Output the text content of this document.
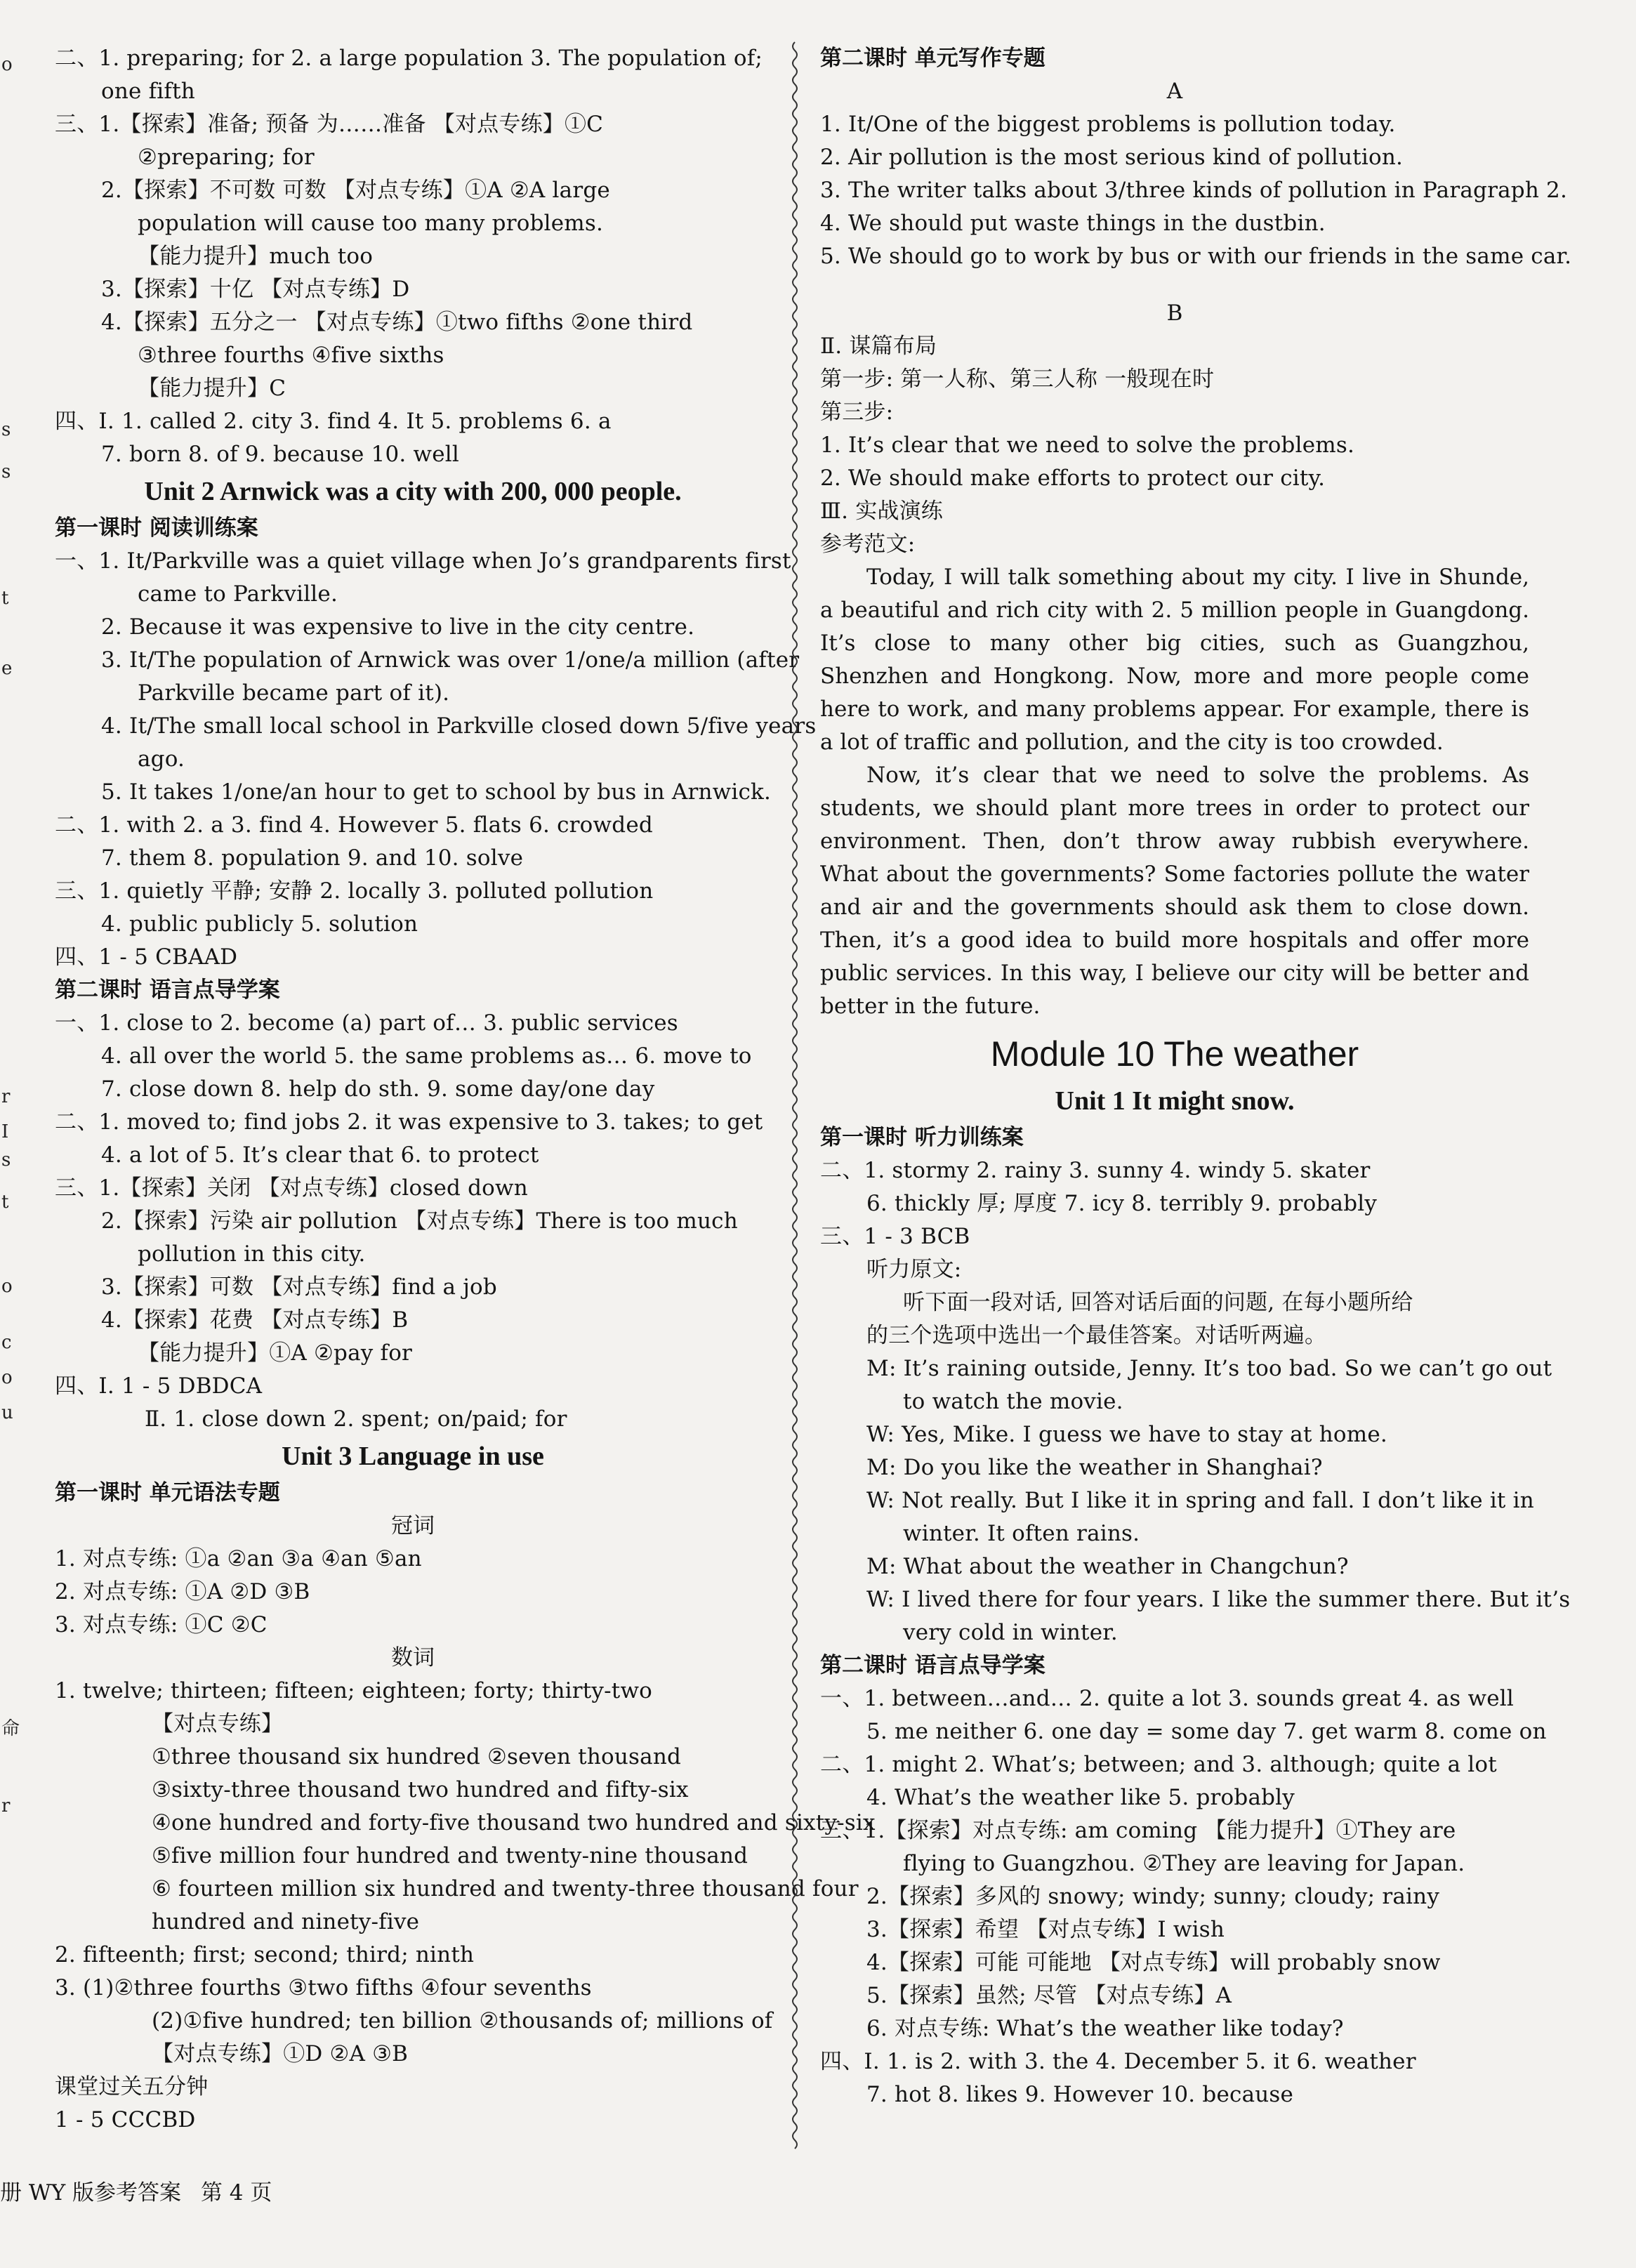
o
s
s
t
e
r
I
s
t
o
c
o
u
命
r
二、1. preparing; for 2. a large population 3. The population of;
one fifth
三、1.【探索】准备; 预备 为……准备 【对点专练】①C
②preparing; for
2.【探索】不可数 可数 【对点专练】①A ②A large
population will cause too many problems.
【能力提升】much too
3.【探索】十亿 【对点专练】D
4.【探索】五分之一 【对点专练】①two fifths ②one third
③three fourths ④five sixths
【能力提升】C
四、Ⅰ. 1. called 2. city 3. find 4. It 5. problems 6. a
7. born 8. of 9. because 10. well
Unit 2 Arnwick was a city with 200, 000 people.
第一课时 阅读训练案
一、1. It/Parkville was a quiet village when Jo’s grandparents first
came to Parkville.
2. Because it was expensive to live in the city centre.
3. It/The population of Arnwick was over 1/one/a million (after
Parkville became part of it).
4. It/The small local school in Parkville closed down 5/five years
ago.
5. It takes 1/one/an hour to get to school by bus in Arnwick.
二、1. with 2. a 3. find 4. However 5. flats 6. crowded
7. them 8. population 9. and 10. solve
三、1. quietly 平静; 安静 2. locally 3. polluted pollution
4. public publicly 5. solution
四、1 - 5 CBAAD
第二课时 语言点导学案
一、1. close to 2. become (a) part of… 3. public services
4. all over the world 5. the same problems as… 6. move to
7. close down 8. help do sth. 9. some day/one day
二、1. moved to; find jobs 2. it was expensive to 3. takes; to get
4. a lot of 5. It’s clear that 6. to protect
三、1.【探索】关闭 【对点专练】closed down
2.【探索】污染 air pollution 【对点专练】There is too much
pollution in this city.
3.【探索】可数 【对点专练】find a job
4.【探索】花费 【对点专练】B
【能力提升】①A ②pay for
四、Ⅰ. 1 - 5 DBDCA
Ⅱ. 1. close down 2. spent; on/paid; for
Unit 3 Language in use
第一课时 单元语法专题
冠词
1. 对点专练: ①a ②an ③a ④an ⑤an
2. 对点专练: ①A ②D ③B
3. 对点专练: ①C ②C
数词
1. twelve; thirteen; fifteen; eighteen; forty; thirty-two
【对点专练】
①three thousand six hundred ②seven thousand
③sixty-three thousand two hundred and fifty-six
④one hundred and forty-five thousand two hundred and sixty-six
⑤five million four hundred and twenty-nine thousand
⑥ fourteen million six hundred and twenty-three thousand four
hundred and ninety-five
2. fifteenth; first; second; third; ninth
3. (1)②three fourths ③two fifths ④four sevenths
(2)①five hundred; ten billion ②thousands of; millions of
【对点专练】①D ②A ③B
课堂过关五分钟
1 - 5 CCCBD
第二课时 单元写作专题
A
1. It/One of the biggest problems is pollution today.
2. Air pollution is the most serious kind of pollution.
3. The writer talks about 3/three kinds of pollution in Paragraph 2.
4. We should put waste things in the dustbin.
5. We should go to work by bus or with our friends in the same car.
B
Ⅱ. 谋篇布局
第一步: 第一人称、第三人称 一般现在时
第三步:
1. It’s clear that we need to solve the problems.
2. We should make efforts to protect our city.
Ⅲ. 实战演练
参考范文:
Today, I will talk something about my city. I live in Shunde, a beautiful and rich city with 2. 5 million people in Guangdong. It’s close to many other big cities, such as Guangzhou, Shenzhen and Hongkong. Now, more and more people come here to work, and many problems appear. For example, there is a lot of traffic and pollution, and the city is too crowded.
Now, it’s clear that we need to solve the problems. As students, we should plant more trees in order to protect our environment. Then, don’t throw away rubbish everywhere. What about the governments? Some factories pollute the water and air and the governments should ask them to close down. Then, it’s a good idea to build more hospitals and offer more public services. In this way, I believe our city will be better and better in the future.
Module 10 The weather
Unit 1 It might snow.
第一课时 听力训练案
二、1. stormy 2. rainy 3. sunny 4. windy 5. skater
6. thickly 厚; 厚度 7. icy 8. terribly 9. probably
三、1 - 3 BCB
听力原文:
听下面一段对话, 回答对话后面的问题, 在每小题所给
的三个选项中选出一个最佳答案。对话听两遍。
M: It’s raining outside, Jenny. It’s too bad. So we can’t go out
to watch the movie.
W: Yes, Mike. I guess we have to stay at home.
M: Do you like the weather in Shanghai?
W: Not really. But I like it in spring and fall. I don’t like it in
winter. It often rains.
M: What about the weather in Changchun?
W: I lived there for four years. I like the summer there. But it’s
very cold in winter.
第二课时 语言点导学案
一、1. between…and… 2. quite a lot 3. sounds great 4. as well
5. me neither 6. one day = some day 7. get warm 8. come on
二、1. might 2. What’s; between; and 3. although; quite a lot
4. What’s the weather like 5. probably
三、1.【探索】对点专练: am coming 【能力提升】①They are
flying to Guangzhou. ②They are leaving for Japan.
2.【探索】多风的 snowy; windy; sunny; cloudy; rainy
3.【探索】希望 【对点专练】I wish
4.【探索】可能 可能地 【对点专练】will probably snow
5.【探索】虽然; 尽管 【对点专练】A
6. 对点专练: What’s the weather like today?
四、Ⅰ. 1. is 2. with 3. the 4. December 5. it 6. weather
7. hot 8. likes 9. However 10. because
册 WY 版参考答案 第 4 页
